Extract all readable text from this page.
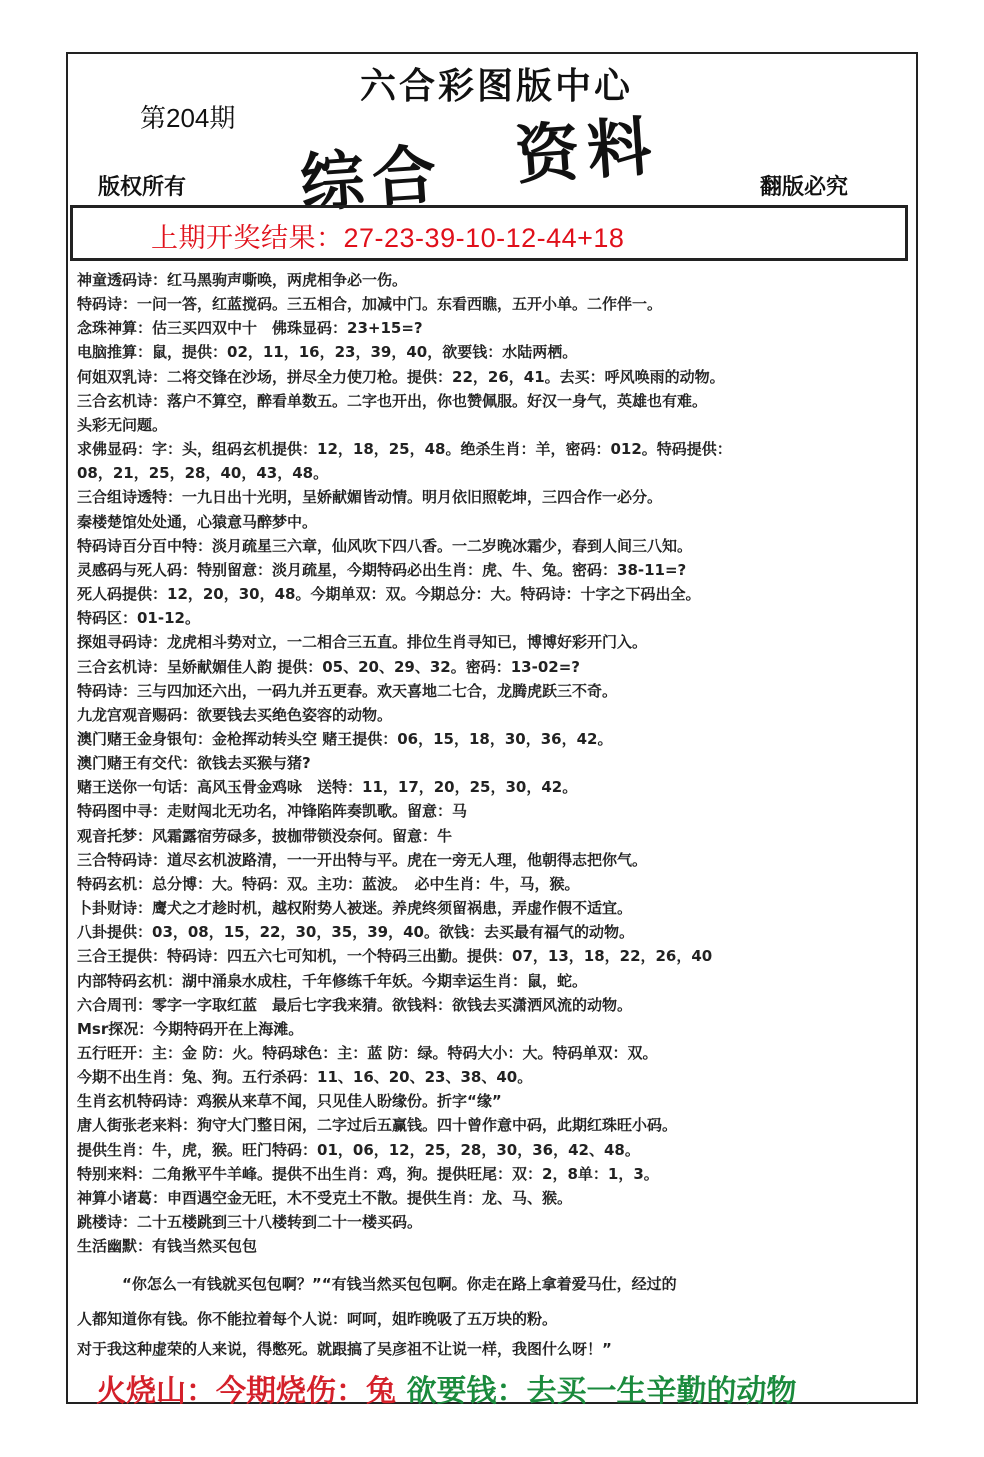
六合彩图版中心
第204期
综合 资料
版权所有	翻版必究
上期开奖结果：27-23-39-10-12-44+18
神童透码诗：红马黑驹声嘶唤，两虎相争必一伤。
特码诗：一问一答，红蓝搅码。三五相合，加减中门。东看西瞧，五开小单。二作伴一。
念珠神算：估三买四双中十　佛珠显码：23+15=?
电脑推算：鼠，提供：02，11，16，23，39，40，欲要钱：水陆两栖。
何姐双乳诗：二将交锋在沙场，拼尽全力使刀枪。提供：22，26，41。去买：呼风唤雨的动物。
三合玄机诗：落户不算空，醉看单数五。二字也开出，你也赞佩服。好汉一身气，英雄也有难。
头彩无问题。
求佛显码：字：头，组码玄机提供：12，18，25，48。绝杀生肖：羊，密码：012。特码提供：
08，21，25，28，40，43，48。
三合组诗透特：一九日出十光明，呈娇献媚皆动情。明月依旧照乾坤，三四合作一必分。
秦楼楚馆处处通，心猿意马醉梦中。
特码诗百分百中特：淡月疏星三六章，仙风吹下四八香。一二岁晚冰霜少，春到人间三八知。
灵感码与死人码：特别留意：淡月疏星，今期特码必出生肖：虎、牛、兔。密码：38-11=?
死人码提供：12，20，30，48。今期单双：双。今期总分：大。特码诗：十字之下码出全。
特码区：01-12。
探姐寻码诗：龙虎相斗势对立，一二相合三五直。排位生肖寻知已，博博好彩开门入。
三合玄机诗：呈娇献媚佳人韵 提供：05、20、29、32。密码：13-02=?
特码诗：三与四加还六出，一码九并五更春。欢天喜地二七合，龙腾虎跃三不奇。
九龙宫观音赐码：欲要钱去买绝色姿容的动物。
澳门赌王金身银句：金枪挥动转头空 赌王提供：06，15，18，30，36，42。
澳门赌王有交代：欲钱去买猴与猪?
赌王送你一句话：高风玉骨金鸡咏　送特：11，17，20，25，30，42。
特码图中寻：走财闯北无功名，冲锋陷阵奏凯歌。留意：马
观音托梦：风霜露宿劳碌多，披枷带锁没奈何。留意：牛
三合特码诗：道尽玄机波路清，一一开出特与平。虎在一旁无人理，他朝得志把你气。
特码玄机：总分博：大。特码：双。主功：蓝波。　必中生肖：牛，马，猴。
卜卦财诗：鹰犬之才趁时机，越权附势人被迷。养虎终须留祸患，弄虚作假不适宜。
八卦提供：03，08，15，22，30，35，39，40。欲钱：去买最有福气的动物。
三合王提供：特码诗：四五六七可知机，一个特码三出勤。提供：07，13，18，22，26，40
内部特码玄机：湖中涌泉水成柱，千年修练千年妖。今期幸运生肖：鼠，蛇。
六合周刊：零字一字取红蓝　最后七字我来猜。欲钱料：欲钱去买潇洒风流的动物。
Msr探况：今期特码开在上海滩。
五行旺开：主：金 防：火。特码球色：主：蓝 防：绿。特码大小：大。特码单双：双。
今期不出生肖：兔、狗。五行杀码：11、16、20、23、38、40。
生肖玄机特码诗：鸡猴从来草不闻，只见佳人盼缘份。折字“缘”
唐人街张老来料：狗守大门整日闲，二字过后五赢钱。四十曾作意中码，此期红珠旺小码。
提供生肖：牛，虎，猴。旺门特码：01，06，12，25，28，30，36，42、48。
特别来料：二角揪平牛羊峰。提供不出生肖：鸡，狗。提供旺尾：双：2，8单：1，3。
神算小诸葛：申酉遇空金无旺，木不受克土不散。提供生肖：龙、马、猴。
跳楼诗：二十五楼跳到三十八楼转到二十一楼买码。
生活幽默：有钱当然买包包
　　　“你怎么一有钱就买包包啊？”“有钱当然买包包啊。你走在路上拿着爱马仕，经过的
人都知道你有钱。你不能拉着每个人说：呵呵，姐昨晚吸了五万块的粉。
对于我这种虚荣的人来说，得憋死。就跟搞了吴彦祖不让说一样，我图什么呀！”
火烧山：今期烧伤：兔 欲要钱：去买一生辛勤的动物
